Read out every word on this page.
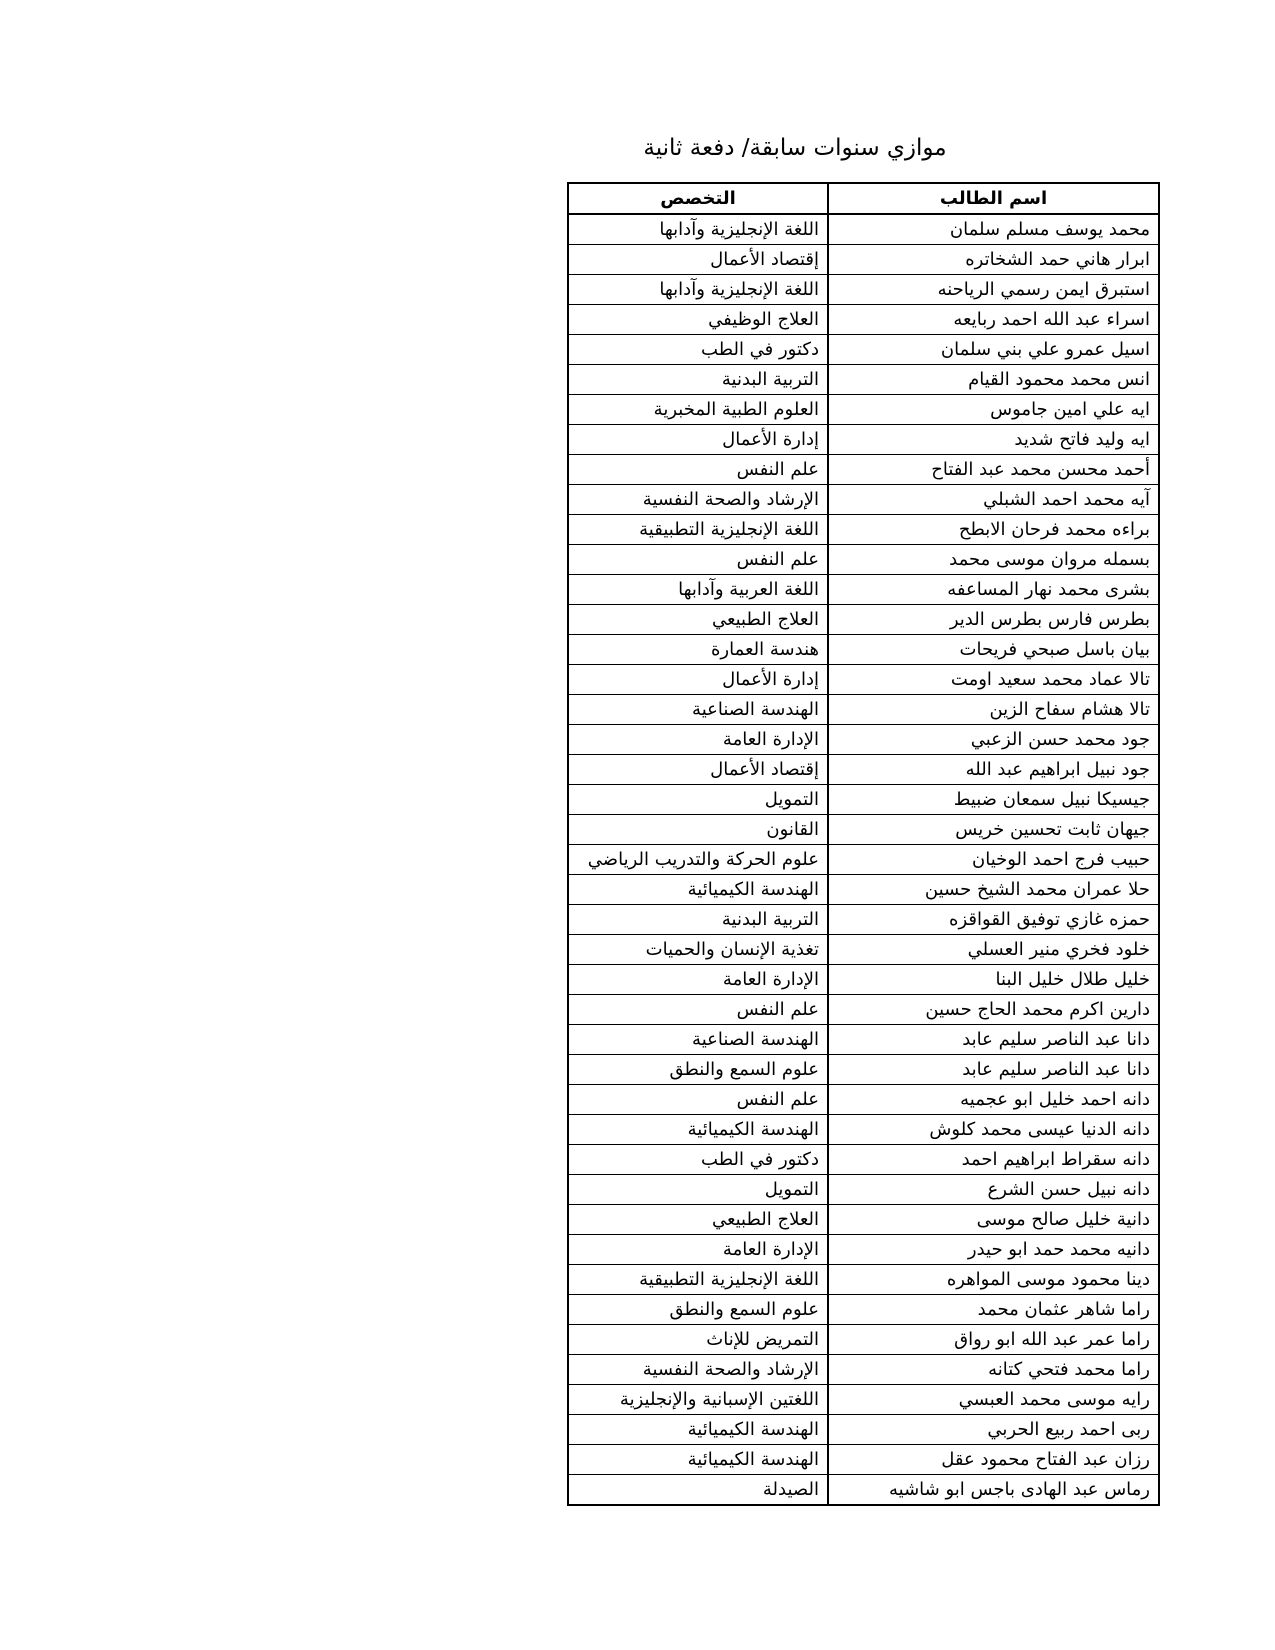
موازي سنوات سابقة/ دفعة ثانية
اسم الطالب	التخصص
محمد يوسف مسلم سلمان	اللغة الإنجليزية وآدابها
ابرار هاني حمد الشخاتره	إقتصاد الأعمال
استبرق ايمن رسمي الرياحنه	اللغة الإنجليزية وآدابها
اسراء عبد الله احمد ربايعه	العلاج الوظيفي
اسيل عمرو علي بني سلمان	دكتور في الطب
انس محمد محمود القيام	التربية البدنية
ايه علي امين جاموس	العلوم الطبية المخبرية
ايه وليد فاتح شديد	إدارة الأعمال
أحمد محسن محمد عبد الفتاح	علم النفس
آيه محمد احمد الشبلي	الإرشاد والصحة النفسية
براءه محمد فرحان الابطح	اللغة الإنجليزية التطبيقية
بسمله مروان موسى محمد	علم النفس
بشرى محمد نهار المساعفه	اللغة العربية وآدابها
بطرس فارس بطرس الدير	العلاج الطبيعي
بيان باسل صبحي فريحات	هندسة العمارة
تالا عماد محمد سعيد اومت	إدارة الأعمال
تالا هشام سفاح الزين	الهندسة الصناعية
جود محمد حسن الزعبي	الإدارة العامة
جود نبيل ابراهيم عبد الله	إقتصاد الأعمال
جيسيكا نبيل سمعان ضبيط	التمويل
جيهان ثابت تحسين خريس	القانون
حبيب فرج احمد الوخيان	علوم الحركة والتدريب الرياضي
حلا عمران محمد الشيخ حسين	الهندسة الكيميائية
حمزه غازي توفيق القواقزه	التربية البدنية
خلود فخري منير العسلي	تغذية الإنسان والحميات
خليل طلال خليل البنا	الإدارة العامة
دارين اكرم محمد الحاج حسين	علم النفس
دانا عبد الناصر سليم عابد	الهندسة الصناعية
دانا عبد الناصر سليم عابد	علوم السمع والنطق
دانه احمد خليل ابو عجميه	علم النفس
دانه الدنيا عيسى محمد كلوش	الهندسة الكيميائية
دانه سقراط ابراهيم احمد	دكتور في الطب
دانه نبيل حسن الشرع	التمويل
دانية خليل صالح موسى	العلاج الطبيعي
دانيه محمد حمد ابو حيدر	الإدارة العامة
دينا محمود موسى المواهره	اللغة الإنجليزية التطبيقية
راما شاهر عثمان محمد	علوم السمع والنطق
راما عمر عبد الله ابو رواق	التمريض للإناث
راما محمد فتحي كتانه	الإرشاد والصحة النفسية
رايه موسى محمد العبسي	اللغتين الإسبانية والإنجليزية
ربى احمد ربيع الحربي	الهندسة الكيميائية
رزان عبد الفتاح محمود عقل	الهندسة الكيميائية
رماس عبد الهادى باجس ابو شاشيه	الصيدلة
